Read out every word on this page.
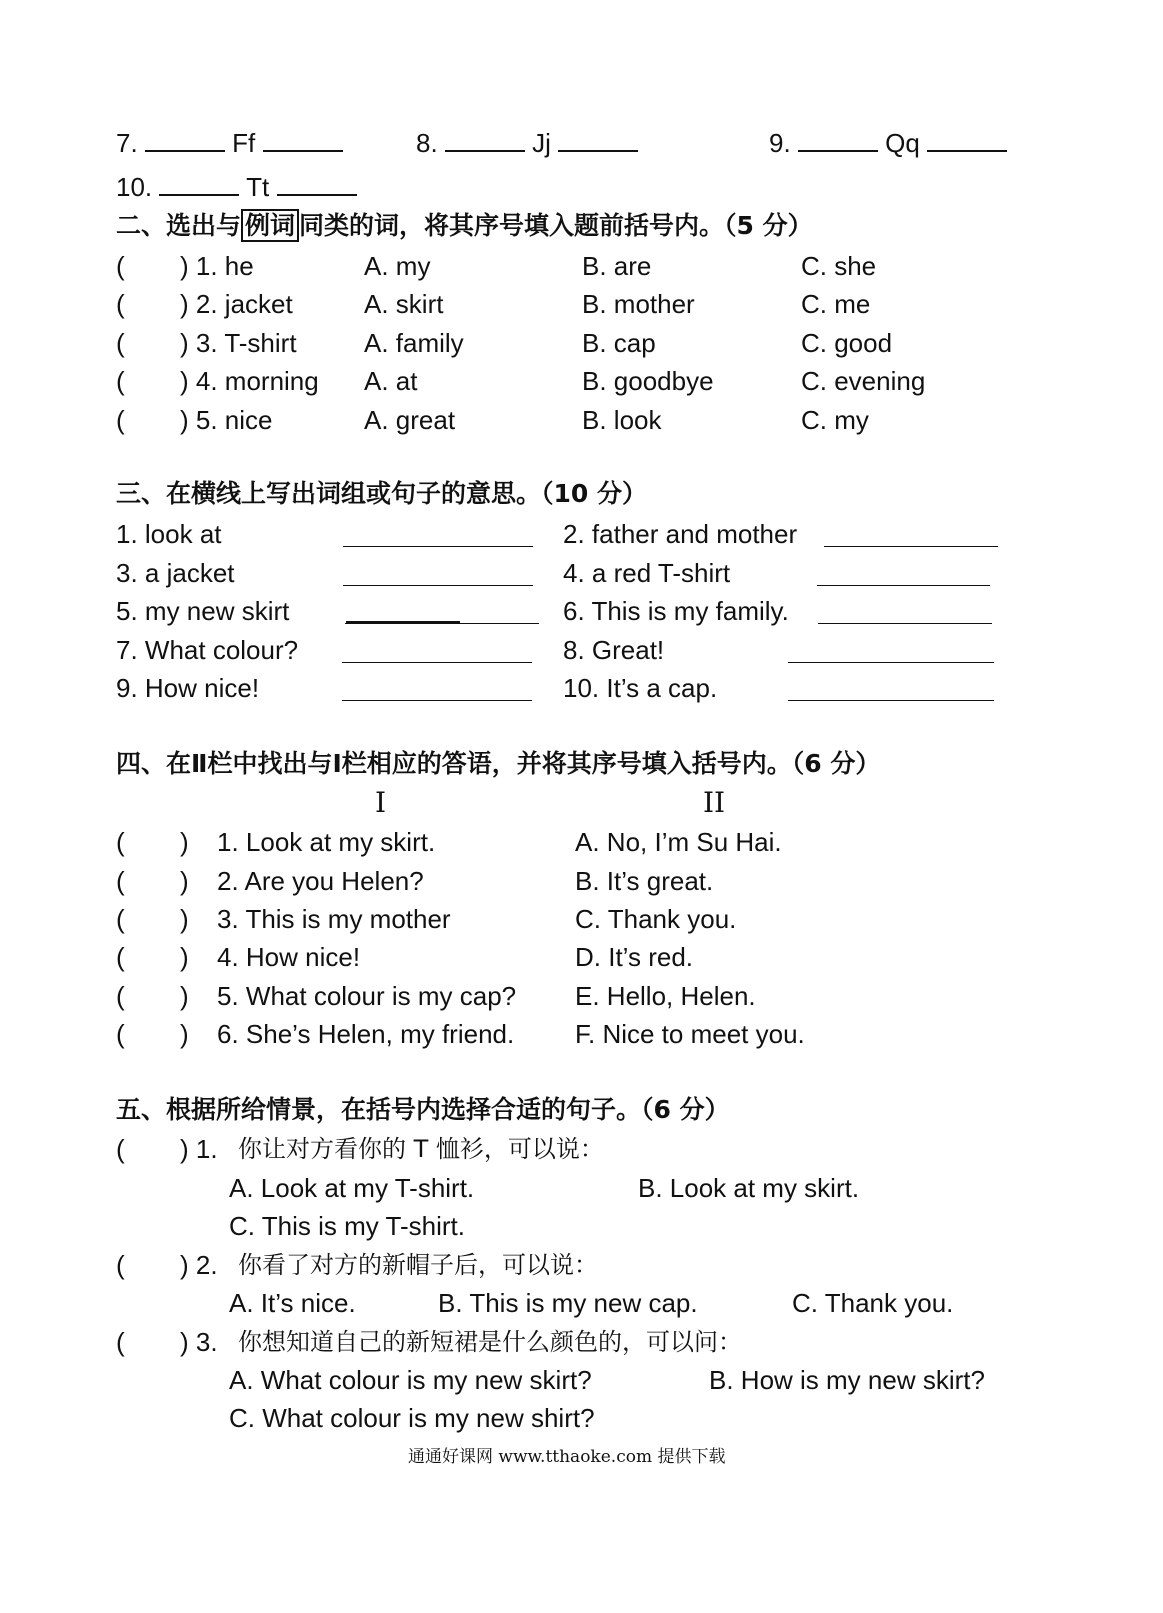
7.	Ff	8.	Jj	9.	Qq
10.	Tt
二、选出与 例词 同类的词，将其序号填入题前括号内。（5 分）
( ) 1. he	A. my	B. are	C. she
( ) 2. jacket	A. skirt	B. mother	C. me
( ) 3. T-shirt	A. family	B. cap	C. good
( ) 4. morning A. at	B. goodbye	C. evening
( ) 5. nice	A. great	B. look	C. my
三、在横线上写出词组或句子的意思。（10 分）
1. look at	2. father and mother
3. a jacket	4. a red T-shirt
5. my new skirt	6. This is my family.
7. What colour?	8. Great!
9. How nice!	10. It’s a cap.
四、在Ⅱ栏中找出与Ⅰ栏相应的答语，并将其序号填入括号内。（6 分）
I	II
( ) 1. Look at my skirt.	A. No, I’m Su Hai.
( ) 2. Are you Helen?	B. It’s great.
( ) 3. This is my mother	C. Thank you.
( ) 4. How nice!	D. It’s red.
( ) 5. What colour is my cap? E. Hello, Helen.
( ) 6. She’s Helen, my friend. F. Nice to meet you.
五、根据所给情景，在括号内选择合适的句子。（6 分）
( ) 1. 你让对方看你的 T 恤衫，可以说：
A. Look at my T-shirt.	B. Look at my skirt.
C. This is my T-shirt.
( ) 2. 你看了对方的新帽子后，可以说：
A. It’s nice.	B. This is my new cap.	C. Thank you.
( ) 3. 你想知道自己的新短裙是什么颜色的，可以问：
A. What colour is my new skirt?	B. How is my new skirt?
C. What colour is my new shirt?
通通好课网 www.tthaoke.com 提供下载
